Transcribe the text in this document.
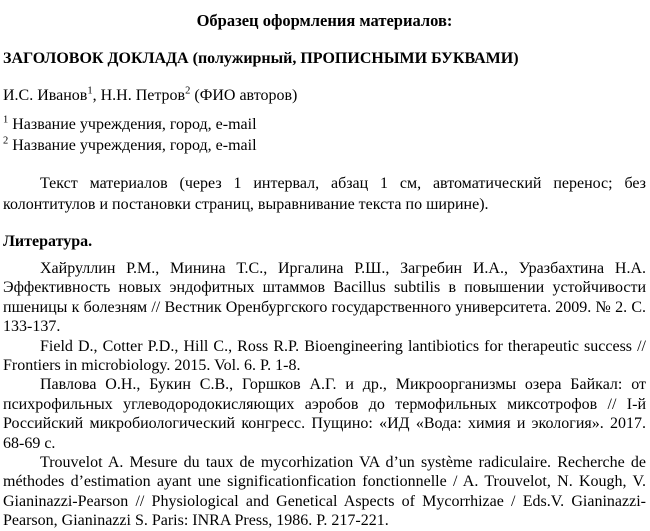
Образец оформления материалов:
ЗАГОЛОВОК ДОКЛАДА (полужирный, ПРОПИСНЫМИ БУКВАМИ)

И.С. Иванов$^1$, Н.Н. Петров$^2$ (ФИО авторов)

$^1$ Название учреждения, город, e-mail

$^2$ Название учреждения, город, e-mail

Текст материалов (через 1 интервал, абзац 1 см, автоматический перенос; без колонтитулов и постановки страниц, выравнивание текста по ширине).

Литература.

Хайруллин Р.М., Минина Т.С., Иргалина Р.Ш., Загребин И.А., Уразбахтина Н.А. Эффективность новых эндофитных штаммов Bacillus subtilis в повышении устойчивости пшеницы к болезням // Вестник Оренбургского государственного университета. 2009. № 2. С. 133-137.

Field D., Cotter P.D., Hill C., Ross R.P. Bioengineering lantibiotics for therapeutic success // Frontiers in microbiology. 2015. Vol. 6. P. 1-8.

Павлова О.Н., Букин С.В., Горшков А.Г. и др., Микроорганизмы озера Байкал: от психрофильных углеводородокисляющих аэробов до термофильных миксотрофов // I-й Российский микробиологический конгресс. Пущино: «ИД «Вода: химия и экология». 2017. 68-69 с.

Trouvelot A. Mesure du taux de mycorhization VA d’un système radiculaire. Recherche de méthodes d’estimation ayant une significationfication fonctionnelle / A. Trouvelot, N. Kough, V. Gianinazzi-Pearson // Physiological and Genetical Aspects of Mycorrhizae / Eds.V. Gianinazzi-Pearson, Gianinazzi S. Paris: INRA Press, 1986. P. 217-221.
